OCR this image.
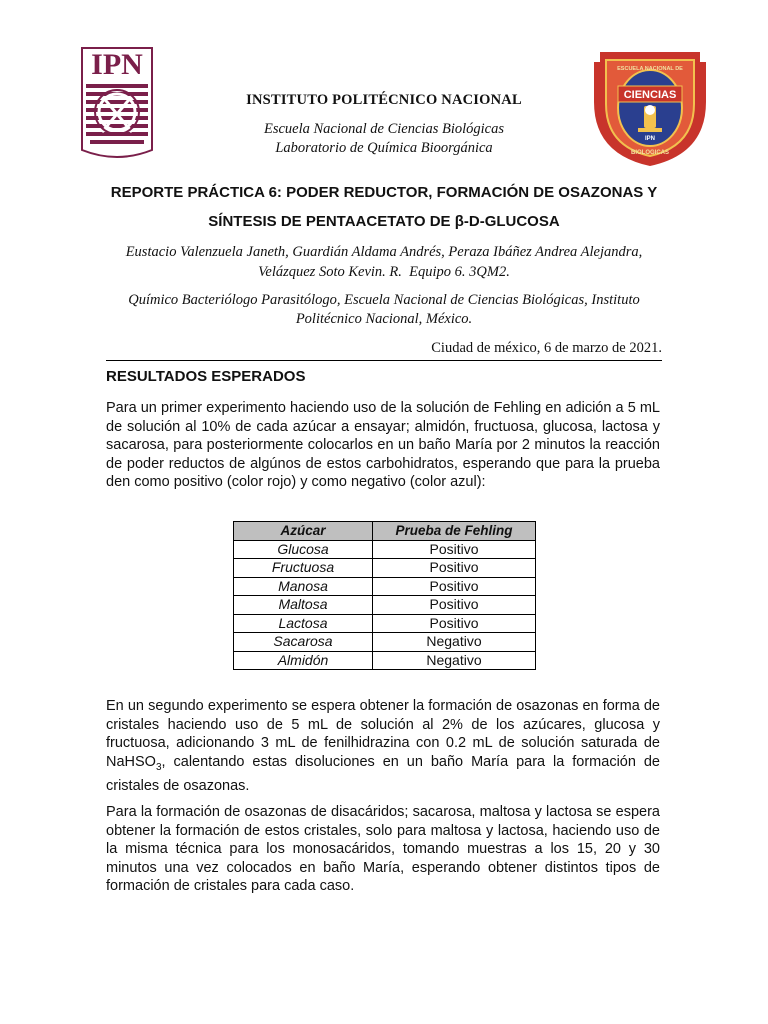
IPN
CIENCIAS
ESCUELA NACIONAL DE
BIOLOGICAS
IPN
INSTITUTO POLITÉCNICO NACIONAL
Escuela Nacional de Ciencias Biológicas
Laboratorio de Química Bioorgánica
REPORTE PRÁCTICA 6: PODER REDUCTOR, FORMACIÓN DE OSAZONAS Y
SÍNTESIS DE PENTAACETATO DE β-D-GLUCOSA
Eustacio Valenzuela Janeth, Guardián Aldama Andrés, Peraza Ibáñez Andrea Alejandra,
Velázquez Soto Kevin. R.  Equipo 6. 3QM2.
Químico Bacteriólogo Parasitólogo, Escuela Nacional de Ciencias Biológicas, Instituto
Politécnico Nacional, México.
Ciudad de méxico, 6 de marzo de 2021.
RESULTADOS ESPERADOS

Para un primer experimento haciendo uso de la solución de Fehling en adición a 5 mL de solución al 10% de cada azúcar a ensayar; almidón, fructuosa, glucosa, lactosa y sacarosa, para posteriormente colocarlos en un baño María por 2 minutos la reacción de poder reductos de algúnos de estos carbohidratos, esperando que para la prueba den como positivo (color rojo) y como negativo (color azul):

Azúcar	Prueba de Fehling
Glucosa	Positivo
Fructuosa	Positivo
Manosa	Positivo
Maltosa	Positivo
Lactosa	Positivo
Sacarosa	Negativo
Almidón	Negativo

En un segundo experimento se espera obtener la formación de osazonas en forma de cristales haciendo uso de 5 mL de solución al 2% de los azúcares, glucosa y fructuosa, adicionando 3 mL de fenilhidrazina con 0.2 mL de solución saturada de NaHSO$_3$, calentando estas disoluciones en un baño María para la formación de cristales de osazonas.

Para la formación de osazonas de disacáridos; sacarosa, maltosa y lactosa se espera obtener la formación de estos cristales, solo para maltosa y lactosa, haciendo uso de la misma técnica para los monosacáridos, tomando muestras a los 15, 20 y 30 minutos una vez colocados en baño María, esperando obtener distintos tipos de formación de cristales para cada caso.
